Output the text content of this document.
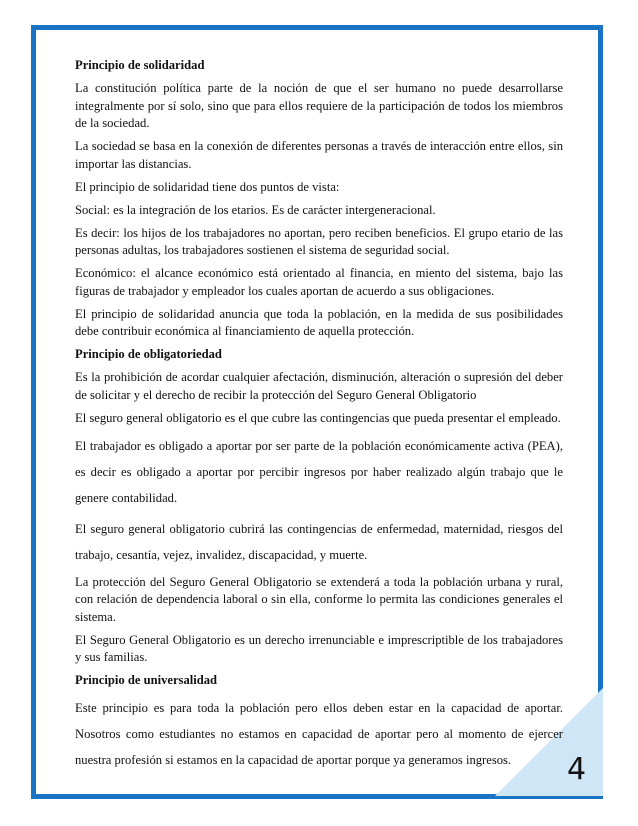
4
Principio de solidaridad

La constitución política parte de la noción de que el ser humano no puede desarrollarse integralmente por sí solo, sino que para ellos requiere de la participación de todos los miembros de la sociedad.

La sociedad se basa en la conexión de diferentes personas a través de interacción entre ellos, sin importar las distancias.

El principio de solidaridad tiene dos puntos de vista:

Social: es la integración de los etarios. Es de carácter intergeneracional.

Es decir: los hijos de los trabajadores no aportan, pero reciben beneficios. El grupo etario de las personas adultas, los trabajadores sostienen el sistema de seguridad social.

Económico: el alcance económico está orientado al financia, en miento del sistema, bajo las figuras de trabajador y empleador los cuales aportan de acuerdo a sus obligaciones.

El principio de solidaridad anuncia que toda la población, en la medida de sus posibilidades debe contribuir económica al financiamiento de aquella protección.

Principio de obligatoriedad

Es la prohibición de acordar cualquier afectación, disminución, alteración o supresión del deber de solicitar y el derecho de recibir la protección del Seguro General Obligatorio

El seguro general obligatorio es el que cubre las contingencias que pueda presentar el empleado.

El trabajador es obligado a aportar por ser parte de la población económicamente activa (PEA), es decir es obligado a aportar por percibir ingresos por haber realizado algún trabajo que le genere contabilidad.

El seguro general obligatorio cubrirá las contingencias de enfermedad, maternidad, riesgos del trabajo, cesantía, vejez, invalidez, discapacidad, y muerte.

La protección del Seguro General Obligatorio se extenderá a toda la población urbana y rural, con relación de dependencia laboral o sin ella, conforme lo permita las condiciones generales el sistema.

El Seguro General Obligatorio es un derecho irrenunciable e imprescriptible de los trabajadores y sus familias.

Principio de universalidad

Este principio es para toda la población pero ellos deben estar en la capacidad de aportar. Nosotros como estudiantes no estamos en capacidad de aportar pero al momento de ejercer nuestra profesión si estamos en la capacidad de aportar porque ya generamos ingresos.
